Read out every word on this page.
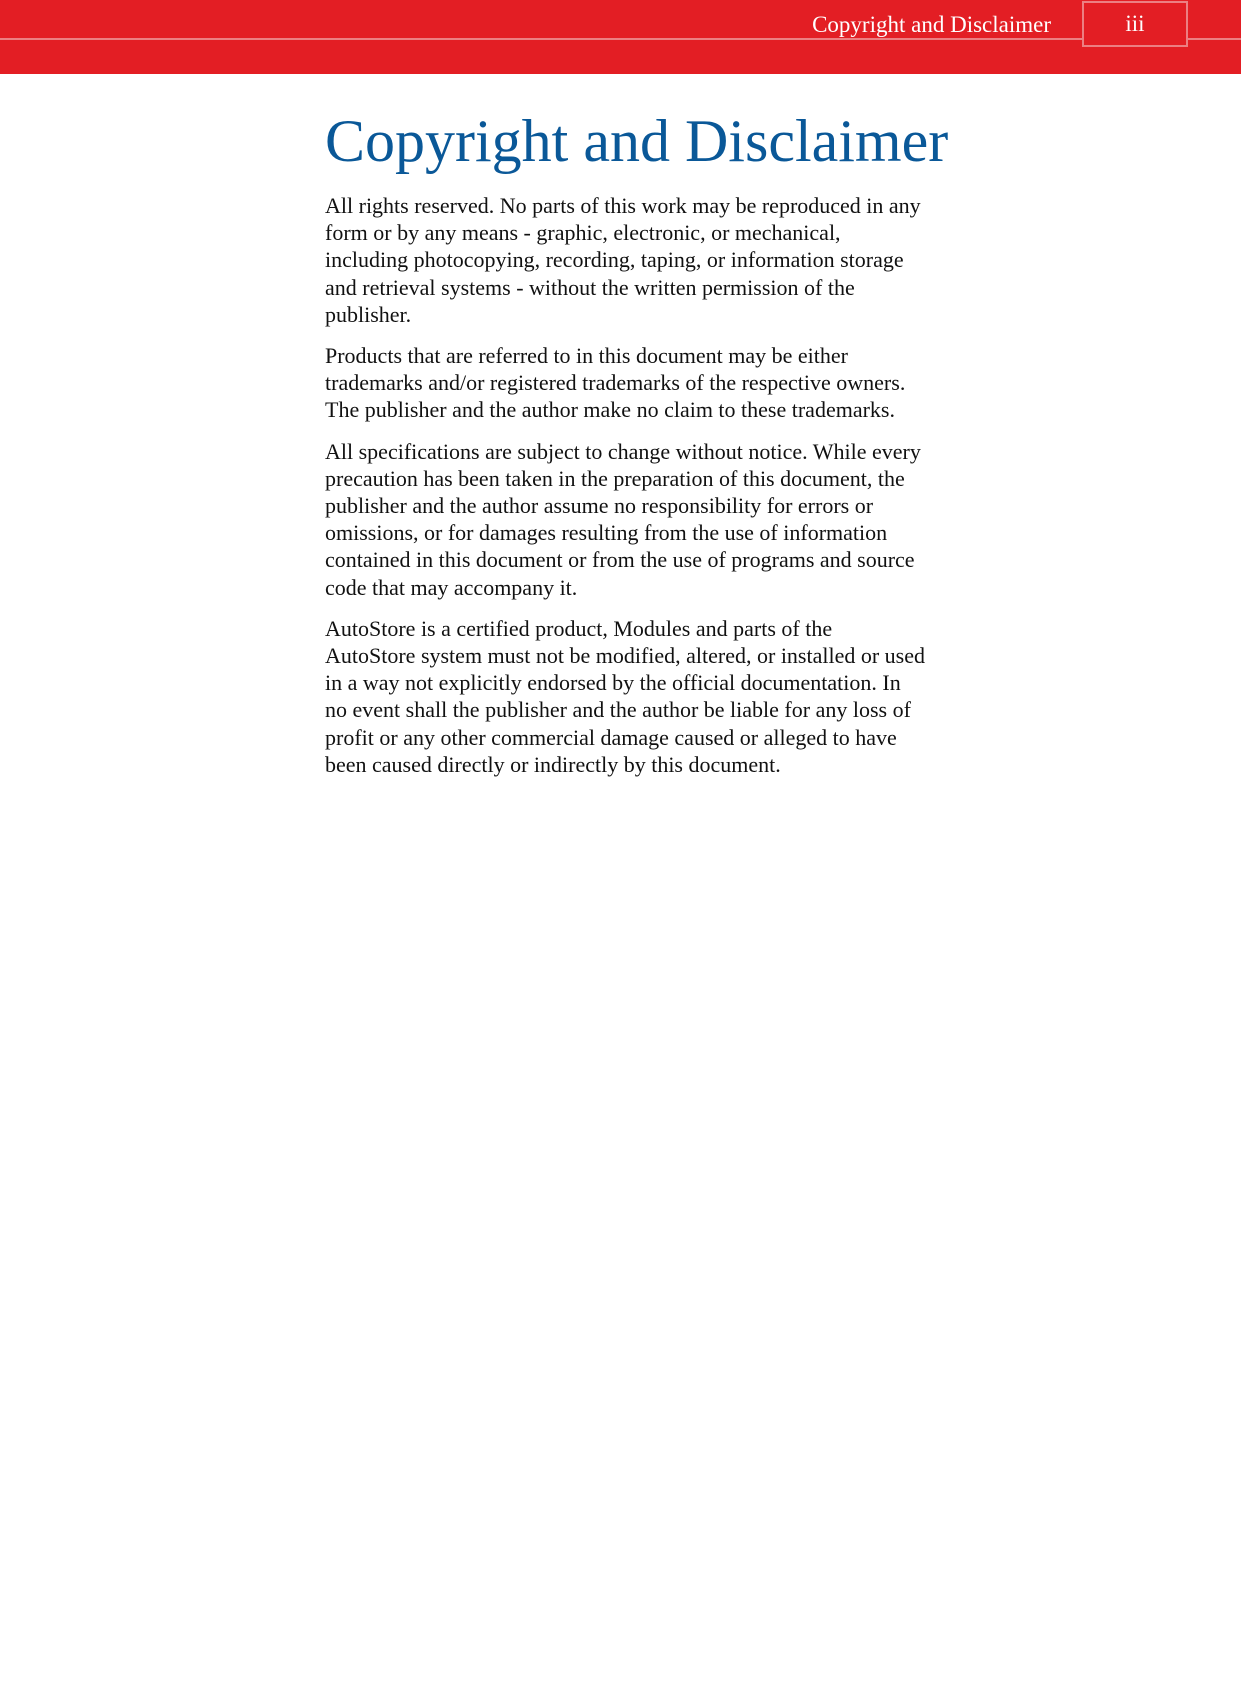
Copyright and Disclaimer	iii
Copyright and Disclaimer

All rights reserved. No parts of this work may be reproduced in any form or by any means - graphic, electronic, or mechanical, including photocopying, recording, taping, or information storage and retrieval systems - without the written permission of the publisher.

Products that are referred to in this document may be either trademarks and/or registered trademarks of the respective owners. The publisher and the author make no claim to these trademarks.

All specifications are subject to change without notice. While every precaution has been taken in the preparation of this document, the publisher and the author assume no responsibility for errors or omissions, or for damages resulting from the use of information contained in this document or from the use of programs and source code that may accompany it.

AutoStore is a certified product, Modules and parts of the AutoStore system must not be modified, altered, or installed or used in a way not explicitly endorsed by the official documentation. In no event shall the publisher and the author be liable for any loss of profit or any other commercial damage caused or alleged to have been caused directly or indirectly by this document.
